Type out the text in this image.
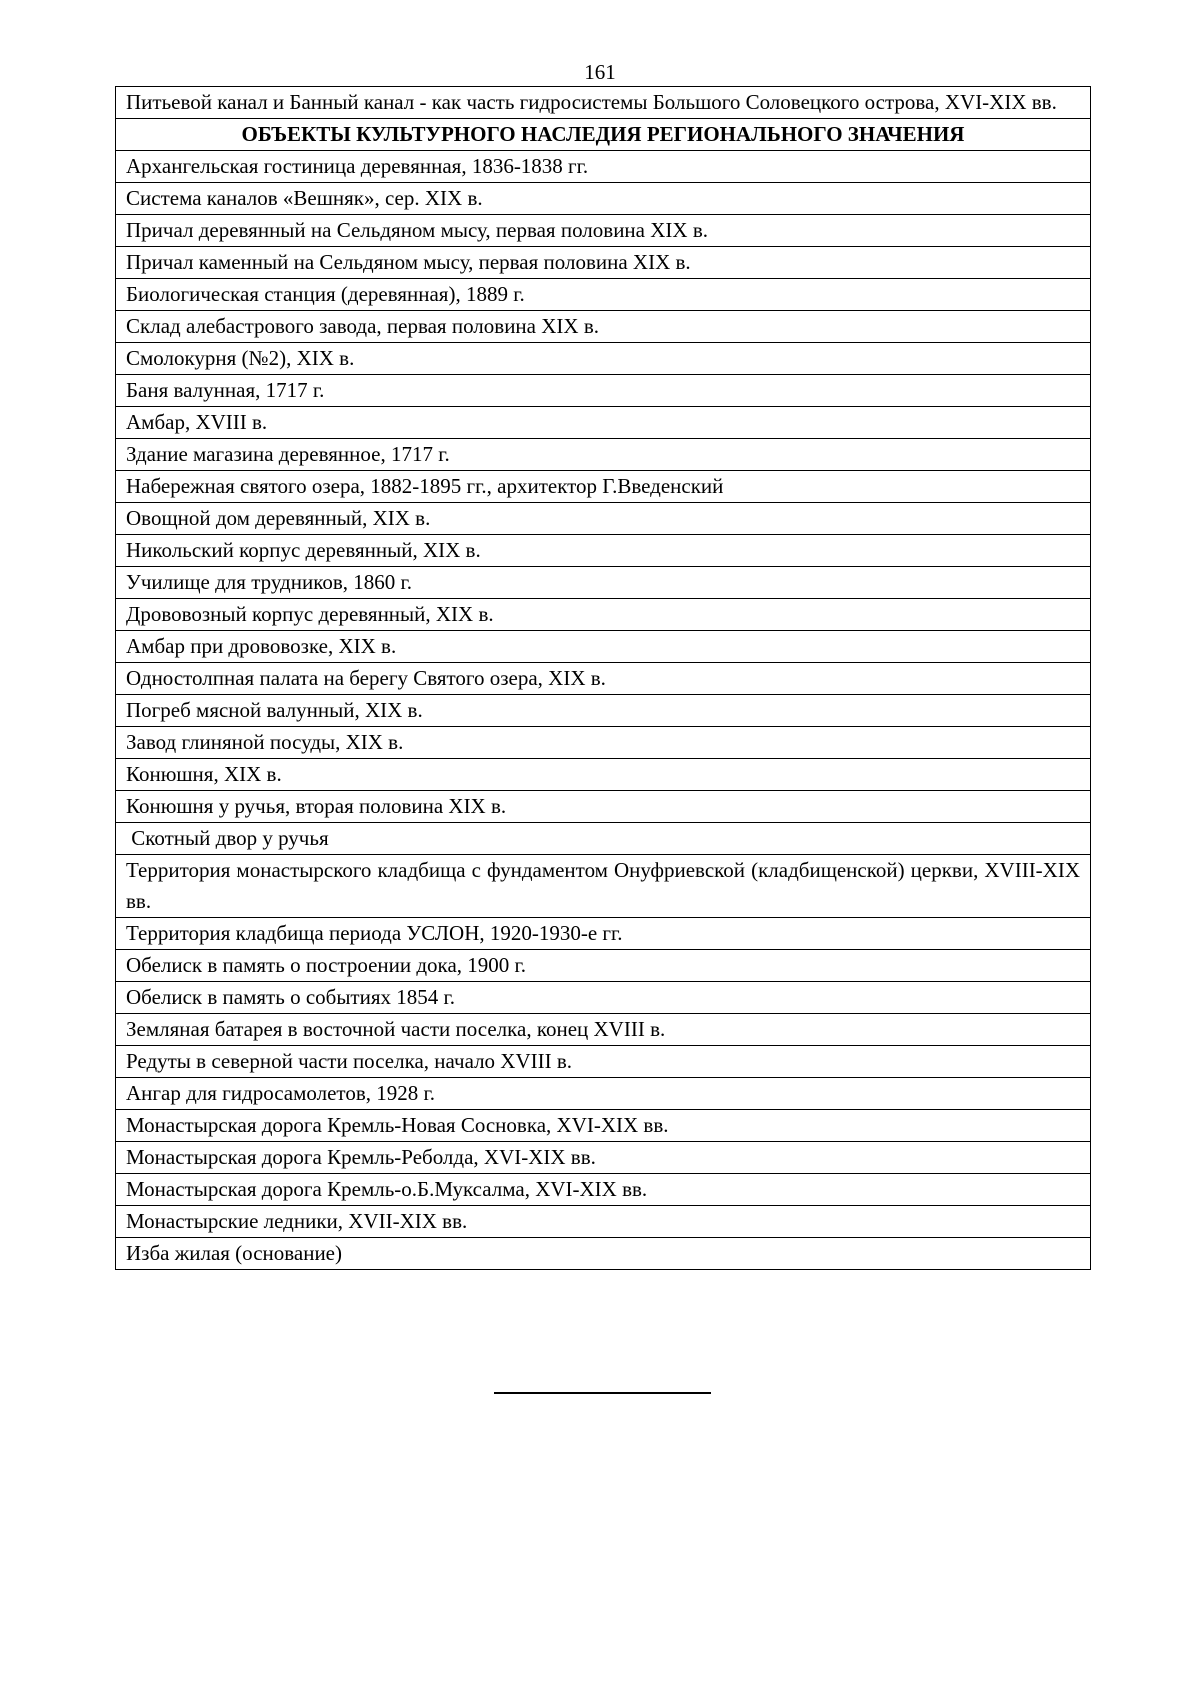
161
Питьевой канал и Банный канал - как часть гидросистемы Большого Соловецкого острова, XVI-XIX вв.
ОБЪЕКТЫ КУЛЬТУРНОГО НАСЛЕДИЯ РЕГИОНАЛЬНОГО ЗНАЧЕНИЯ
Архангельская гостиница деревянная, 1836-1838 гг.
Система каналов «Вешняк», сер. XIX в.
Причал деревянный на Сельдяном мысу, первая половина XIX в.
Причал каменный на Сельдяном мысу, первая половина XIX в.
Биологическая станция (деревянная), 1889 г.
Склад алебастрового завода, первая половина XIX в.
Смолокурня (№2), XIX в.
Баня валунная, 1717 г.
Амбар, XVIII в.
Здание магазина деревянное, 1717 г.
Набережная святого озера, 1882-1895 гг., архитектор Г.Введенский
Овощной дом деревянный, XIX в.
Никольский корпус деревянный, XIX в.
Училище для трудников, 1860 г.
Дрововозный корпус деревянный, XIX в.
Амбар при дрововозке, XIX в.
Одностолпная палата на берегу Святого озера, XIX в.
Погреб мясной валунный, XIX в.
Завод глиняной посуды, XIX в.
Конюшня, XIX в.
Конюшня у ручья, вторая половина XIX в.
Скотный двор у ручья
Территория монастырского кладбища с фундаментом Онуфриевской (кладбищенской) церкви, XVIII-XIX вв.
Территория кладбища периода УСЛОН, 1920-1930-е гг.
Обелиск в память о построении дока, 1900 г.
Обелиск в память о событиях 1854 г.
Земляная батарея в восточной части поселка, конец XVIII в.
Редуты в северной части поселка, начало XVIII в.
Ангар для гидросамолетов, 1928 г.
Монастырская дорога Кремль-Новая Сосновка, XVI-XIX вв.
Монастырская дорога Кремль-Реболда, XVI-XIX вв.
Монастырская дорога Кремль-о.Б.Муксалма, XVI-XIX вв.
Монастырские ледники, XVII-XIX вв.
Изба жилая (основание)
